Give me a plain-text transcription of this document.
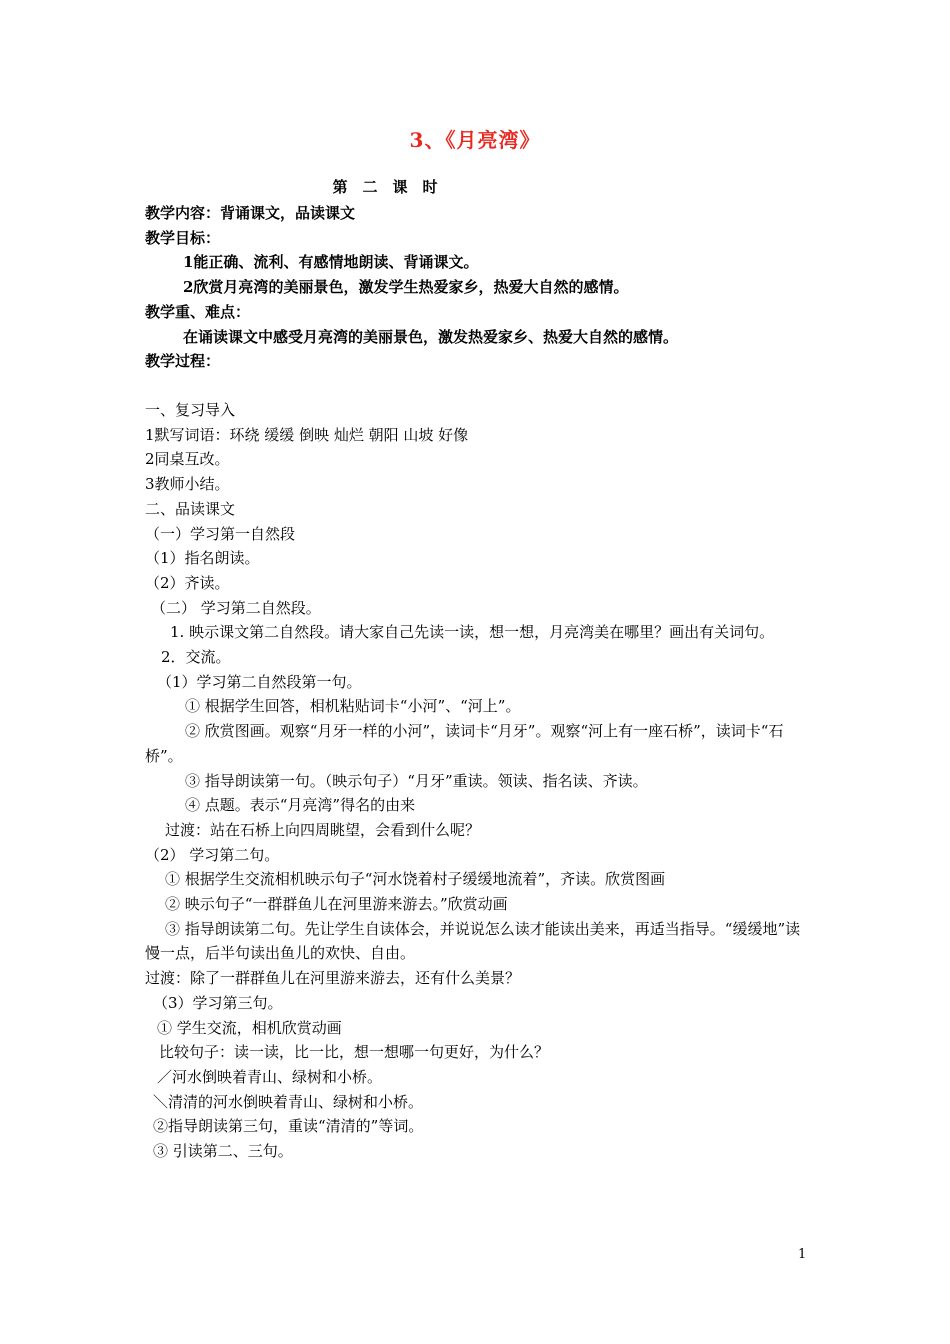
3、《月亮湾》
第　二　课　时
教学内容：背诵课文，品读课文
教学目标：
1能正确、流利、有感情地朗读、背诵课文。
2欣赏月亮湾的美丽景色，激发学生热爱家乡，热爱大自然的感情。
教学重、难点：
在诵读课文中感受月亮湾的美丽景色，激发热爱家乡、热爱大自然的感情。
教学过程：
一、复习导入
1默写词语：环绕 缓缓 倒映 灿烂 朝阳 山坡 好像
2同桌互改。
3教师小结。
二、品读课文
（一）学习第一自然段
（1）指名朗读。
（2）齐读。
（二） 学习第二自然段。
1. 映示课文第二自然段。请大家自己先读一读，想一想，月亮湾美在哪里？画出有关词句。
2．交流。
（1）学习第二自然段第一句。
① 根据学生回答，相机粘贴词卡“小河”、“河上”。
② 欣赏图画。观察“月牙一样的小河”，读词卡“月牙”。观察“河上有一座石桥”，读词卡“石桥”。
③ 指导朗读第一句。（映示句子）“月牙”重读。领读、指名读、齐读。
④ 点题。表示“月亮湾”得名的由来
过渡：站在石桥上向四周眺望，会看到什么呢？
（2） 学习第二句。
① 根据学生交流相机映示句子“河水饶着村子缓缓地流着”，齐读。欣赏图画
② 映示句子“一群群鱼儿在河里游来游去。”欣赏动画
③ 指导朗读第二句。先让学生自读体会，并说说怎么读才能读出美来，再适当指导。“缓缓地”读慢一点，后半句读出鱼儿的欢快、自由。
过渡：除了一群群鱼儿在河里游来游去，还有什么美景？
（3）学习第三句。
① 学生交流，相机欣赏动画
比较句子：读一读，比一比，想一想哪一句更好，为什么？
／河水倒映着青山、绿树和小桥。
＼清清的河水倒映着青山、绿树和小桥。
②指导朗读第三句，重读“清清的”等词。
③ 引读第二、三句。
1
